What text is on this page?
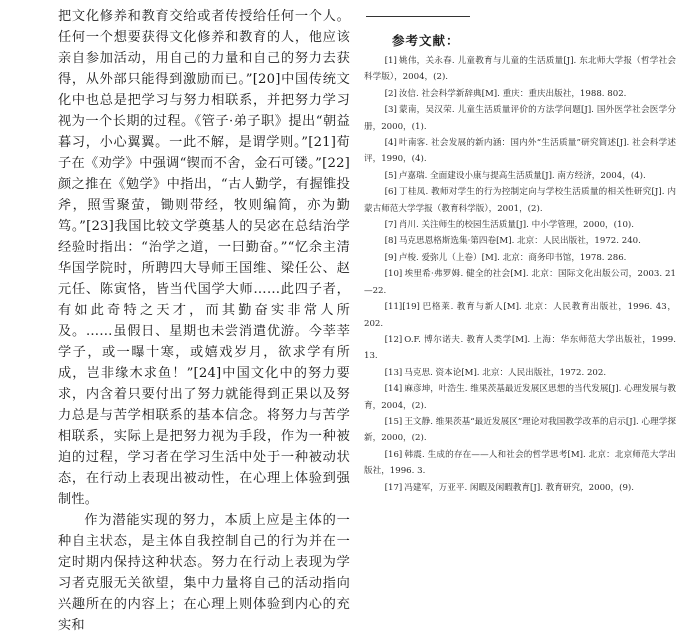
把文化修养和教育交给或者传授给任何一个人。任何一个想要获得文化修养和教育的人，他应该亲自参加活动，用自己的力量和自己的努力去获得，从外部只能得到激励而已。”[20]中国传统文化中也总是把学习与努力相联系，并把努力学习视为一个长期的过程。《管子·弟子职》提出“朝益暮习，小心翼翼。一此不解，是谓学则。”[21]荀子在《劝学》中强调“锲而不舍，金石可镂。”[22]颜之推在《勉学》中指出，“古人勤学，有握锥投斧，照雪聚萤，锄则带经，牧则编简，亦为勤笃。”[23]我国比较文学奠基人的吴宓在总结治学经验时指出：“治学之道，一曰勤奋。”“忆余主清华国学院时，所聘四大导师王国维、梁任公、赵元任、陈寅恪，皆当代国学大师……此四子者，有如此奇特之天才，而其勤奋实非常人所及。……虽假日、星期也未尝消遣优游。今莘莘学子，或一曝十寒，或嬉戏岁月，欲求学有所成，岂非缘木求鱼！”[24]中国文化中的努力要求，内含着只要付出了努力就能得到正果以及努力总是与苦学相联系的基本信念。将努力与苦学相联系，实际上是把努力视为手段，作为一种被迫的过程，学习者在学习生活中处于一种被动状态，在行动上表现出被动性，在心理上体验到强制性。

作为潜能实现的努力，本质上应是主体的一种自主状态，是主体自我控制自己的行为并在一定时期内保持这种状态。努力在行动上表现为学习者克服无关欲望，集中力量将自己的活动指向兴趣所在的内容上；在心理上则体验到内心的充实和

参考文献：
[1] 姚伟，关永春. 儿童教育与儿童的生活质量[J]. 东北师大学报（哲学社会科学版），2004，(2).
[2] 汝信. 社会科学新辞典[M]. 重庆：重庆出版社，1988. 802.
[3] 蒙南，吴汉荣. 儿童生活质量评价的方法学问题[J]. 国外医学社会医学分册，2000，(1).
[4] 叶南客. 社会发展的新内涵：国内外“生活质量”研究简述[J]. 社会科学述评，1990，(4).
[5] 卢嘉瑞. 全面建设小康与提高生活质量[J]. 南方经济，2004，(4).
[6] 丁桂凤. 教师对学生的行为控制定向与学校生活质量的相关性研究[J]. 内蒙古师范大学学报（教育科学版），2001，(2).
[7] 肖川. 关注师生的校园生活质量[J]. 中小学管理，2000，(10).
[8] 马克思恩格斯选集·第四卷[M]. 北京：人民出版社，1972. 240.
[9] 卢梭. 爱弥儿（上卷）[M]. 北京：商务印书馆，1978. 286.
[10] 埃里希·弗罗姆. 健全的社会[M]. 北京：国际文化出版公司，2003. 21—22.
[11][19] 巴格莱. 教育与新人[M]. 北京：人民教育出版社，1996. 43，202.
[12] O.F. 博尔诺夫. 教育人类学[M]. 上海：华东师范大学出版社，1999. 13.
[13] 马克思. 资本论[M]. 北京：人民出版社，1972. 202.
[14] 麻彦坤，叶浩生. 维果茨基最近发展区思想的当代发展[J]. 心理发展与教育，2004，(2).
[15] 王文静. 维果茨基“最近发展区”理论对我国教学改革的启示[J]. 心理学探新，2000，(2).
[16] 韩震. 生成的存在——人和社会的哲学思考[M]. 北京：北京师范大学出版社，1996. 3.
[17] 冯建军，万亚平. 闲暇及闲暇教育[J]. 教育研究，2000，(9).
